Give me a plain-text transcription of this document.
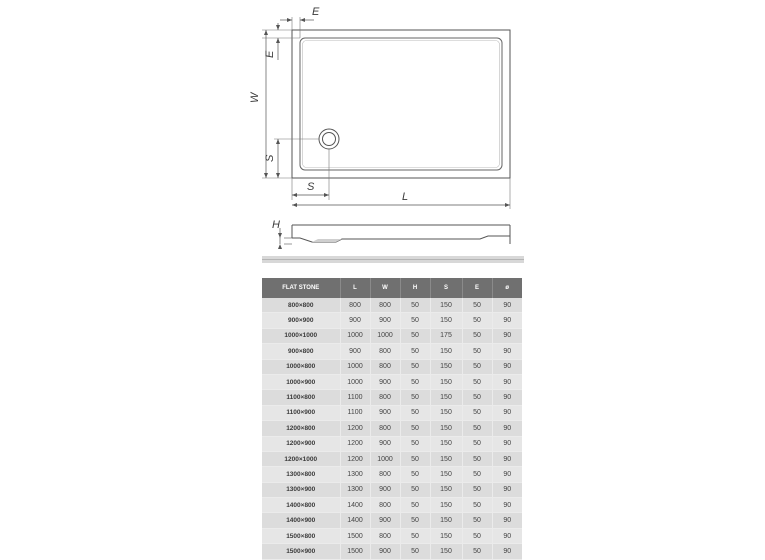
E
E
W
S
S
L
H
FLAT STONE	L	W	H	S	E	ø
800×800	800	800	50	150	50	90
900×900	900	900	50	150	50	90
1000×1000	1000	1000	50	175	50	90
900×800	900	800	50	150	50	90
1000×800	1000	800	50	150	50	90
1000×900	1000	900	50	150	50	90
1100×800	1100	800	50	150	50	90
1100×900	1100	900	50	150	50	90
1200×800	1200	800	50	150	50	90
1200×900	1200	900	50	150	50	90
1200×1000	1200	1000	50	150	50	90
1300×800	1300	800	50	150	50	90
1300×900	1300	900	50	150	50	90
1400×800	1400	800	50	150	50	90
1400×900	1400	900	50	150	50	90
1500×800	1500	800	50	150	50	90
1500×900	1500	900	50	150	50	90
